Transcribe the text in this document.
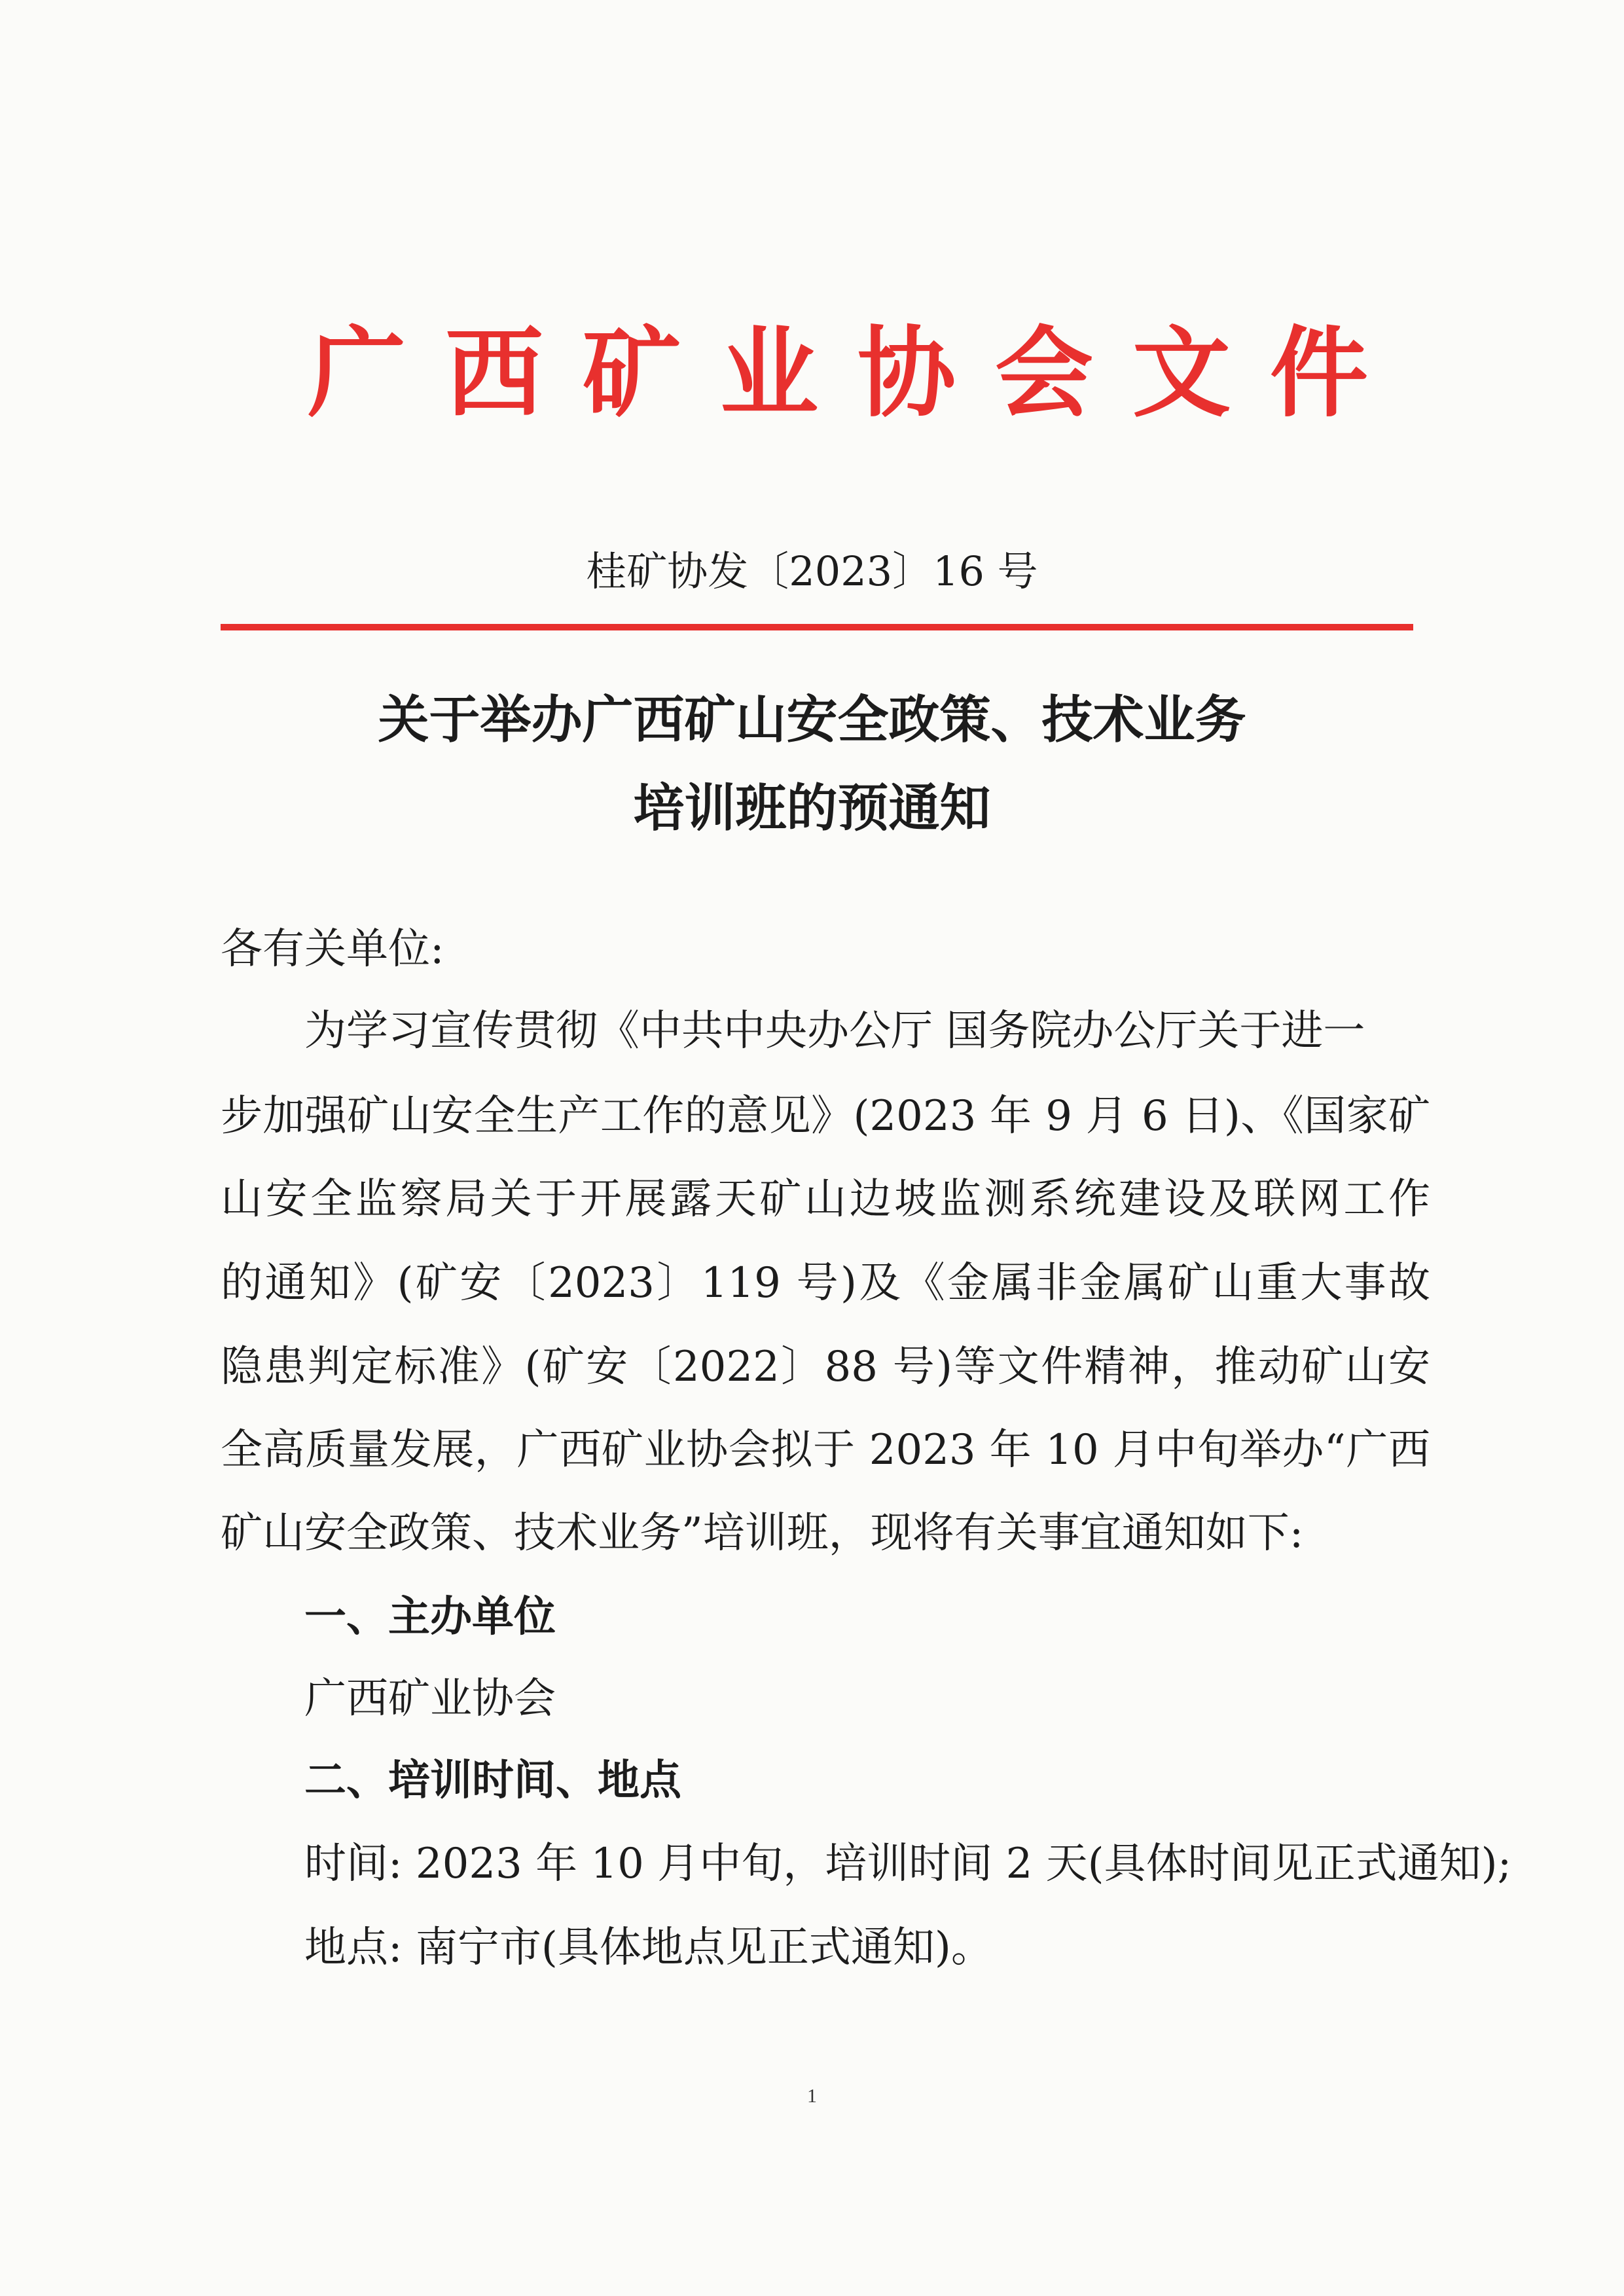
广西矿业协会文件
桂矿协发〔2023〕16 号
关于举办广西矿山安全政策、技术业务
培训班的预通知
各有关单位:
为学习宣传贯彻《中共中央办公厅 国务院办公厅关于进一
步加强矿山安全生产工作的意见》(2023 年 9 月 6 日)、《国家矿
山安全监察局关于开展露天矿山边坡监测系统建设及联网工作
的通知》(矿安〔2023〕119 号)及《金属非金属矿山重大事故
隐患判定标准》(矿安〔2022〕88 号)等文件精神，推动矿山安
全高质量发展，广西矿业协会拟于 2023 年 10 月中旬举办“广西
矿山安全政策、技术业务”培训班，现将有关事宜通知如下:
一、主办单位
广西矿业协会
二、培训时间、地点
时间: 2023 年 10 月中旬，培训时间 2 天(具体时间见正式通知);
地点: 南宁市(具体地点见正式通知)。
1
